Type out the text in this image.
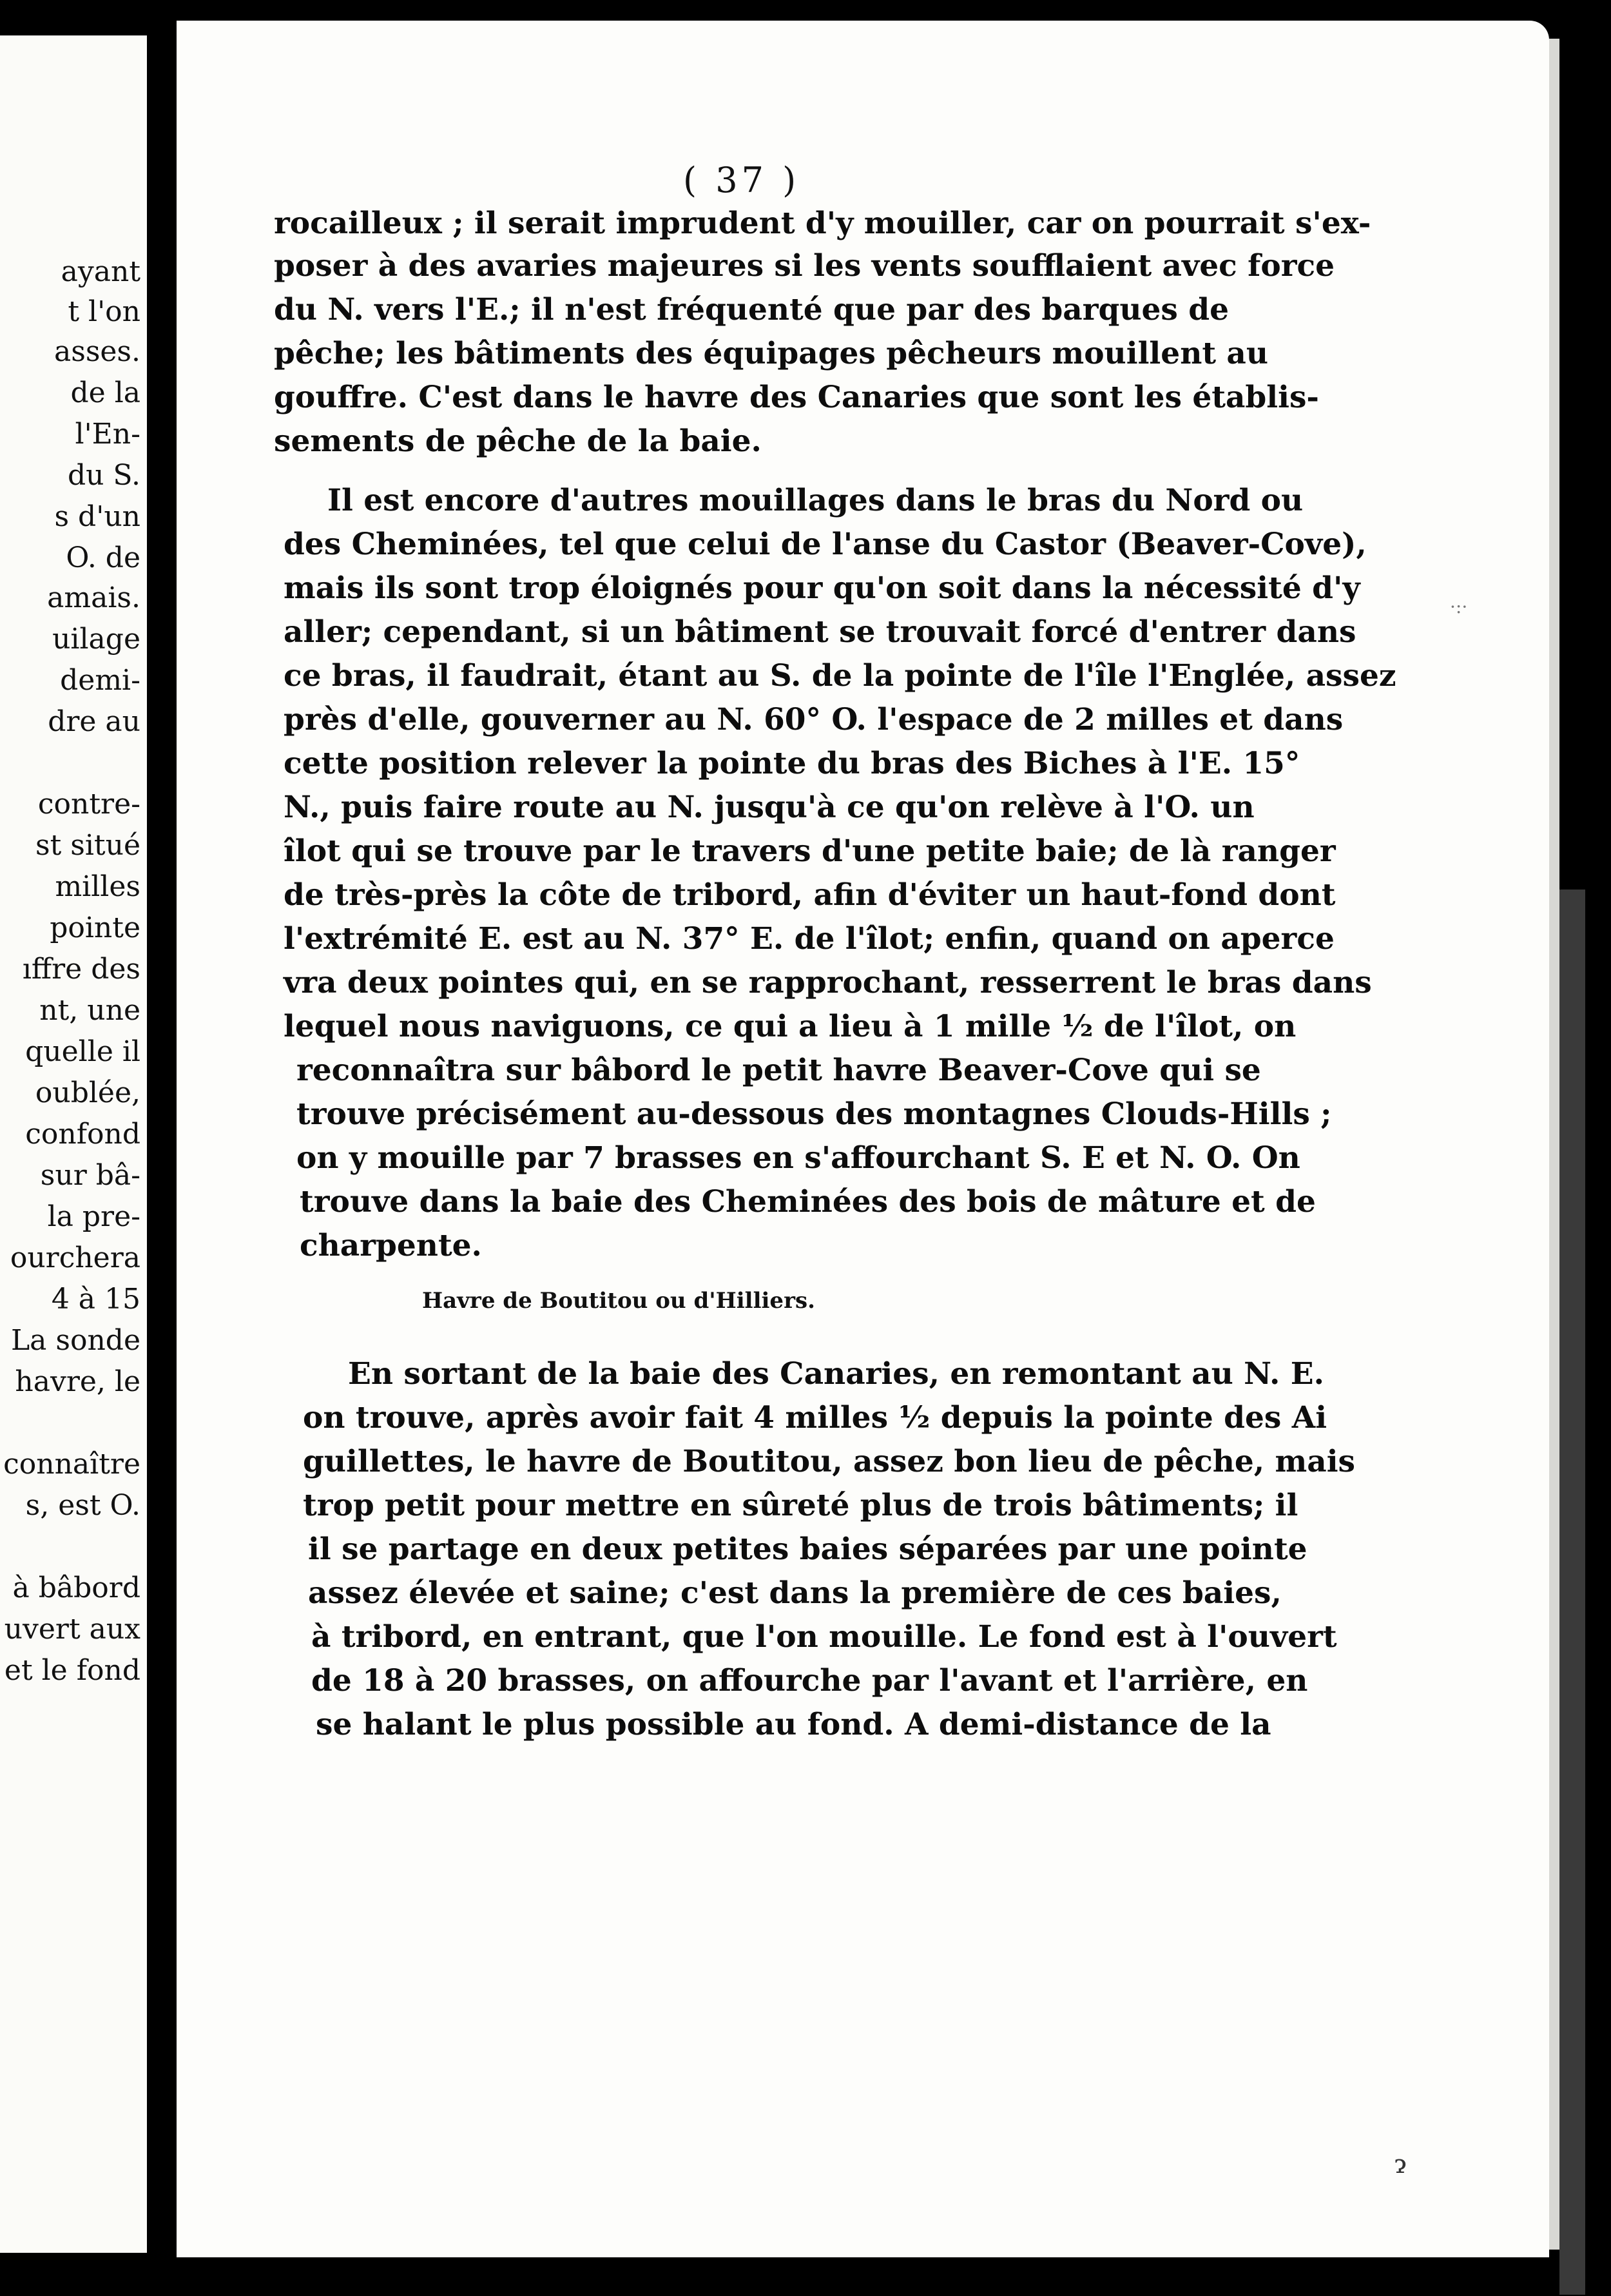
ayant
t l'on
asses.
de la
l'En-
du S.
s d'un
O. de
amais.
uilage
demi-
dre au
contre-
st situé
milles
pointe
ıffre des
nt, une
quelle il
oublée,
confond
sur bâ-
la pre-
ourchera
4 à 15
La sonde
havre, le
connaître
s, est O.
à bâbord
uvert aux
et le fond
( 37 )
rocailleux ; il serait imprudent d'y mouiller, car on pourrait s'ex-
poser à des avaries majeures si les vents soufflaient avec force
du N. vers l'E.; il n'est fréquenté que par des barques de
pêche; les bâtiments des équipages pêcheurs mouillent au
gouffre. C'est dans le havre des Canaries que sont les établis-
sements de pêche de la baie.
Il est encore d'autres mouillages dans le bras du Nord ou
des Cheminées, tel que celui de l'anse du Castor (Beaver-Cove),
mais ils sont trop éloignés pour qu'on soit dans la nécessité d'y
aller; cependant, si un bâtiment se trouvait forcé d'entrer dans
ce bras, il faudrait, étant au S. de la pointe de l'île l'Englée, assez
près d'elle, gouverner au N. 60° O. l'espace de 2 milles et dans
cette position relever la pointe du bras des Biches à l'E. 15°
N., puis faire route au N. jusqu'à ce qu'on relève à l'O. un
îlot qui se trouve par le travers d'une petite baie; de là ranger
de très-près la côte de tribord, afin d'éviter un haut-fond dont
l'extrémité E. est au N. 37° E. de l'îlot; enfin, quand on aperce
vra deux pointes qui, en se rapprochant, resserrent le bras dans
lequel nous naviguons, ce qui a lieu à 1 mille ½ de l'îlot, on
reconnaîtra sur bâbord le petit havre Beaver-Cove qui se
trouve précisément au-dessous des montagnes Clouds-Hills ;
on y mouille par 7 brasses en s'affourchant S. E et N. O. On
trouve dans la baie des Cheminées des bois de mâture et de
charpente.
Havre de Boutitou ou d'Hilliers.
En sortant de la baie des Canaries, en remontant au N. E.
on trouve, après avoir fait 4 milles ½ depuis la pointe des Ai
guillettes, le havre de Boutitou, assez bon lieu de pêche, mais
trop petit pour mettre en sûreté plus de trois bâtiments; il
il se partage en deux petites baies séparées par une pointe
assez élevée et saine; c'est dans la première de ces baies,
à tribord, en entrant, que l'on mouille. Le fond est à l'ouvert
de 18 à 20 brasses, on affourche par l'avant et l'arrière, en
se halant le plus possible au fond. A demi-distance de la
·:·
ɂ
